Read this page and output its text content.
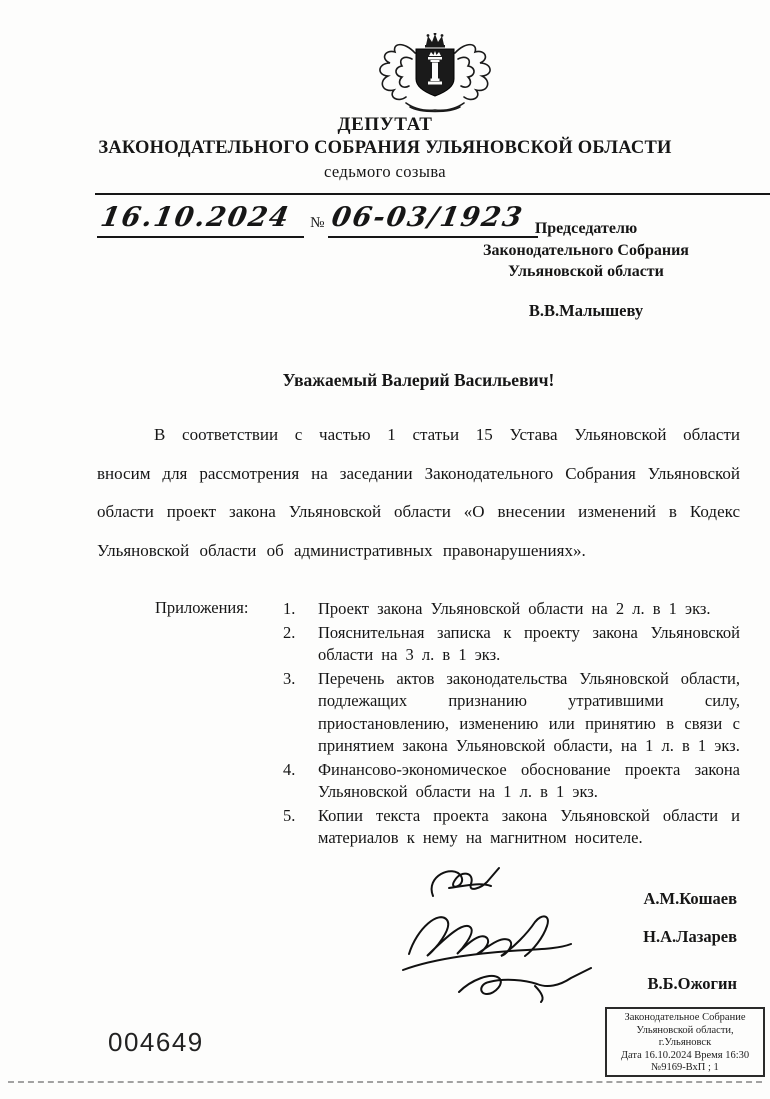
ДЕПУТАТ
ЗАКОНОДАТЕЛЬНОГО СОБРАНИЯ УЛЬЯНОВСКОЙ ОБЛАСТИ
седьмого созыва
16.10.2024 № 06-03/1923 Председателю
Законодательного Собрания
Ульяновской области
В.В.Малышеву
Уважаемый Валерий Васильевич!
В соответствии с частью 1 статьи 15 Устава Ульяновской области вносим для рассмотрения на заседании Законодательного Собрания Ульяновской области проект закона Ульяновской области «О внесении изменений в Кодекс Ульяновской области об административных правонарушениях».
Приложения: 1.	Проект закона Ульяновской области на 2 л. в 1 экз.
2.	Пояснительная записка к проекту закона Ульяновской области на 3 л. в 1 экз.
3.	Перечень актов законодательства Ульяновской области, подлежащих признанию утратившими силу, приостановлению, изменению или принятию в связи с принятием закона Ульяновской области, на 1 л. в 1 экз.
4.	Финансово-экономическое обоснование проекта закона Ульяновской области на 1 л. в 1 экз.
5.	Копии текста проекта закона Ульяновской области и материалов к нему на магнитном носителе.
А.М.Кошаев
Н.А.Лазарев
В.Б.Ожогин
Законодательное Собрание
Ульяновской области,
г.Ульяновск
Дата 16.10.2024 Время 16:30
№9169-ВхП ; 1
004649
